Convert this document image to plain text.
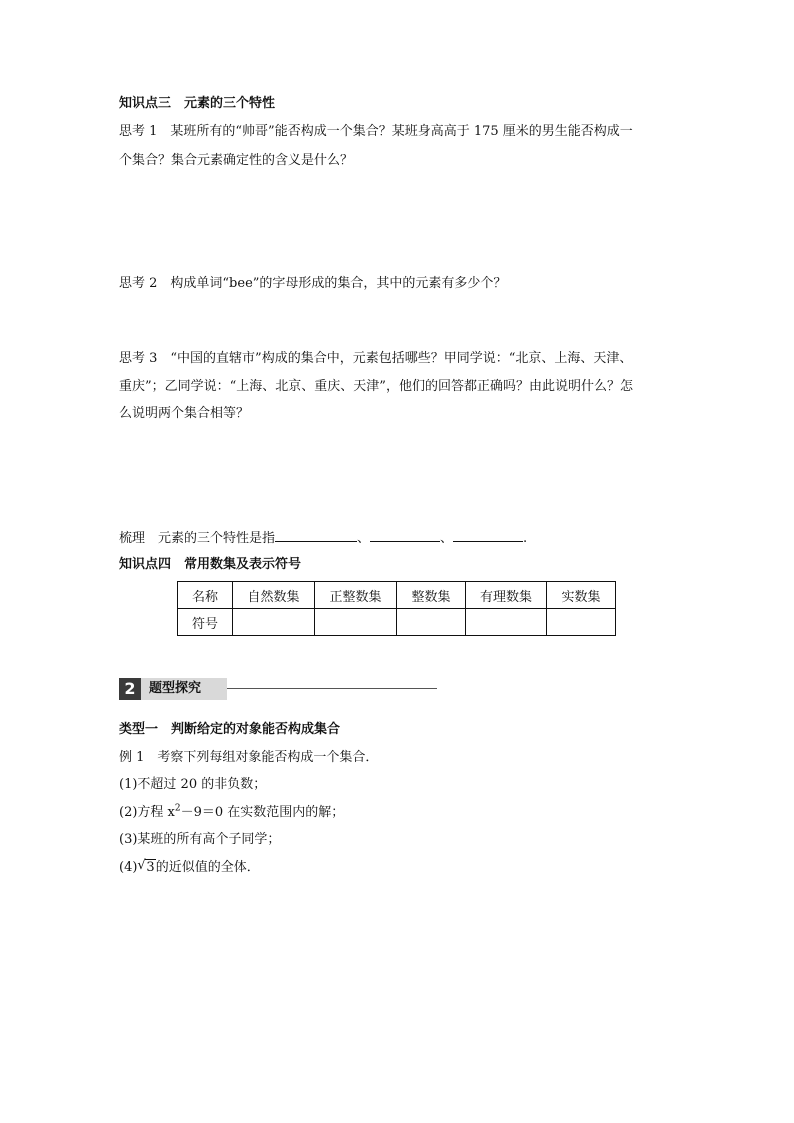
知识点三　元素的三个特性
思考 1　某班所有的“帅哥”能否构成一个集合？某班身高高于 175 厘米的男生能否构成一
个集合？集合元素确定性的含义是什么？
思考 2　构成单词“bee”的字母形成的集合，其中的元素有多少个？
思考 3　“中国的直辖市”构成的集合中，元素包括哪些？甲同学说：“北京、上海、天津、
重庆”；乙同学说：“上海、北京、重庆、天津”，他们的回答都正确吗？由此说明什么？怎
么说明两个集合相等？
梳理　元素的三个特性是指	、	、	.
知识点四　常用数集及表示符号
名称	自然数集	正整数集	整数集	有理数集	实数集
符号					
2	题型探究
类型一　判断给定的对象能否构成集合
例 1　考察下列每组对象能否构成一个集合．
(1)不超过 20 的非负数；
(2)方程 $x^2-9=0$ 在实数范围内的解；
(3)某班的所有高个子同学；
(4) √ 3的近似值的全体．
